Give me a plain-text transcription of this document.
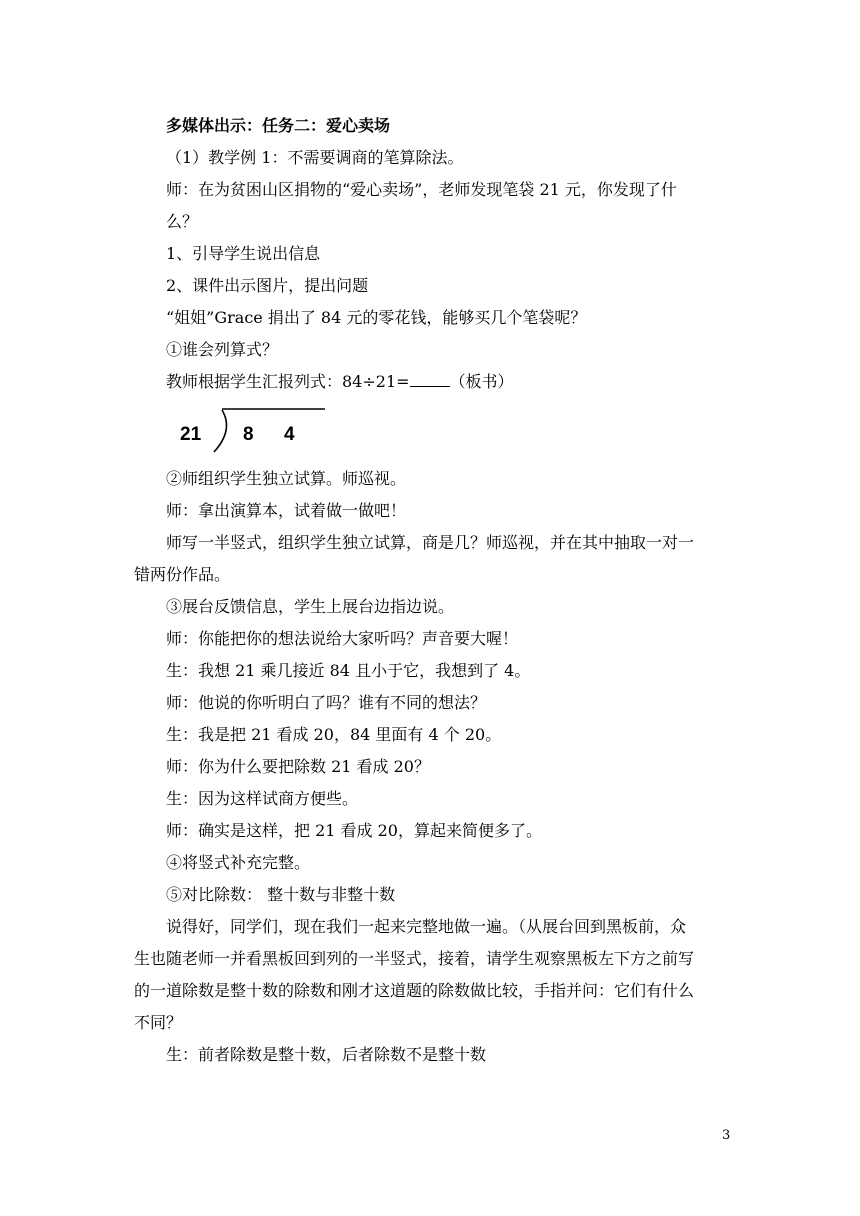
多媒体出示：任务二：爱心卖场
（1）教学例 1：不需要调商的笔算除法。
师：在为贫困山区捐物的“爱心卖场”，老师发现笔袋 21 元，你发现了什
么？
1、引导学生说出信息
2、课件出示图片，提出问题
“姐姐”Grace 捐出了 84 元的零花钱，能够买几个笔袋呢？
①谁会列算式？
教师根据学生汇报列式：84÷21=	（板书）
21 8 4
②师组织学生独立试算。师巡视。
师：拿出演算本，试着做一做吧！
师写一半竖式，组织学生独立试算，商是几？师巡视，并在其中抽取一对一
错两份作品。
③展台反馈信息，学生上展台边指边说。
师：你能把你的想法说给大家听吗？声音要大喔！
生：我想 21 乘几接近 84 且小于它，我想到了 4。
师：他说的你听明白了吗？谁有不同的想法？
生：我是把 21 看成 20，84 里面有 4 个 20。
师：你为什么要把除数 21 看成 20？
生：因为这样试商方便些。
师：确实是这样，把 21 看成 20，算起来简便多了。
④将竖式补充完整。
⑤对比除数： 整十数与非整十数
说得好，同学们，现在我们一起来完整地做一遍。（从展台回到黑板前，众
生也随老师一并看黑板回到列的一半竖式，接着，请学生观察黑板左下方之前写
的一道除数是整十数的除数和刚才这道题的除数做比较，手指并问：它们有什么
不同？
生：前者除数是整十数，后者除数不是整十数
3
